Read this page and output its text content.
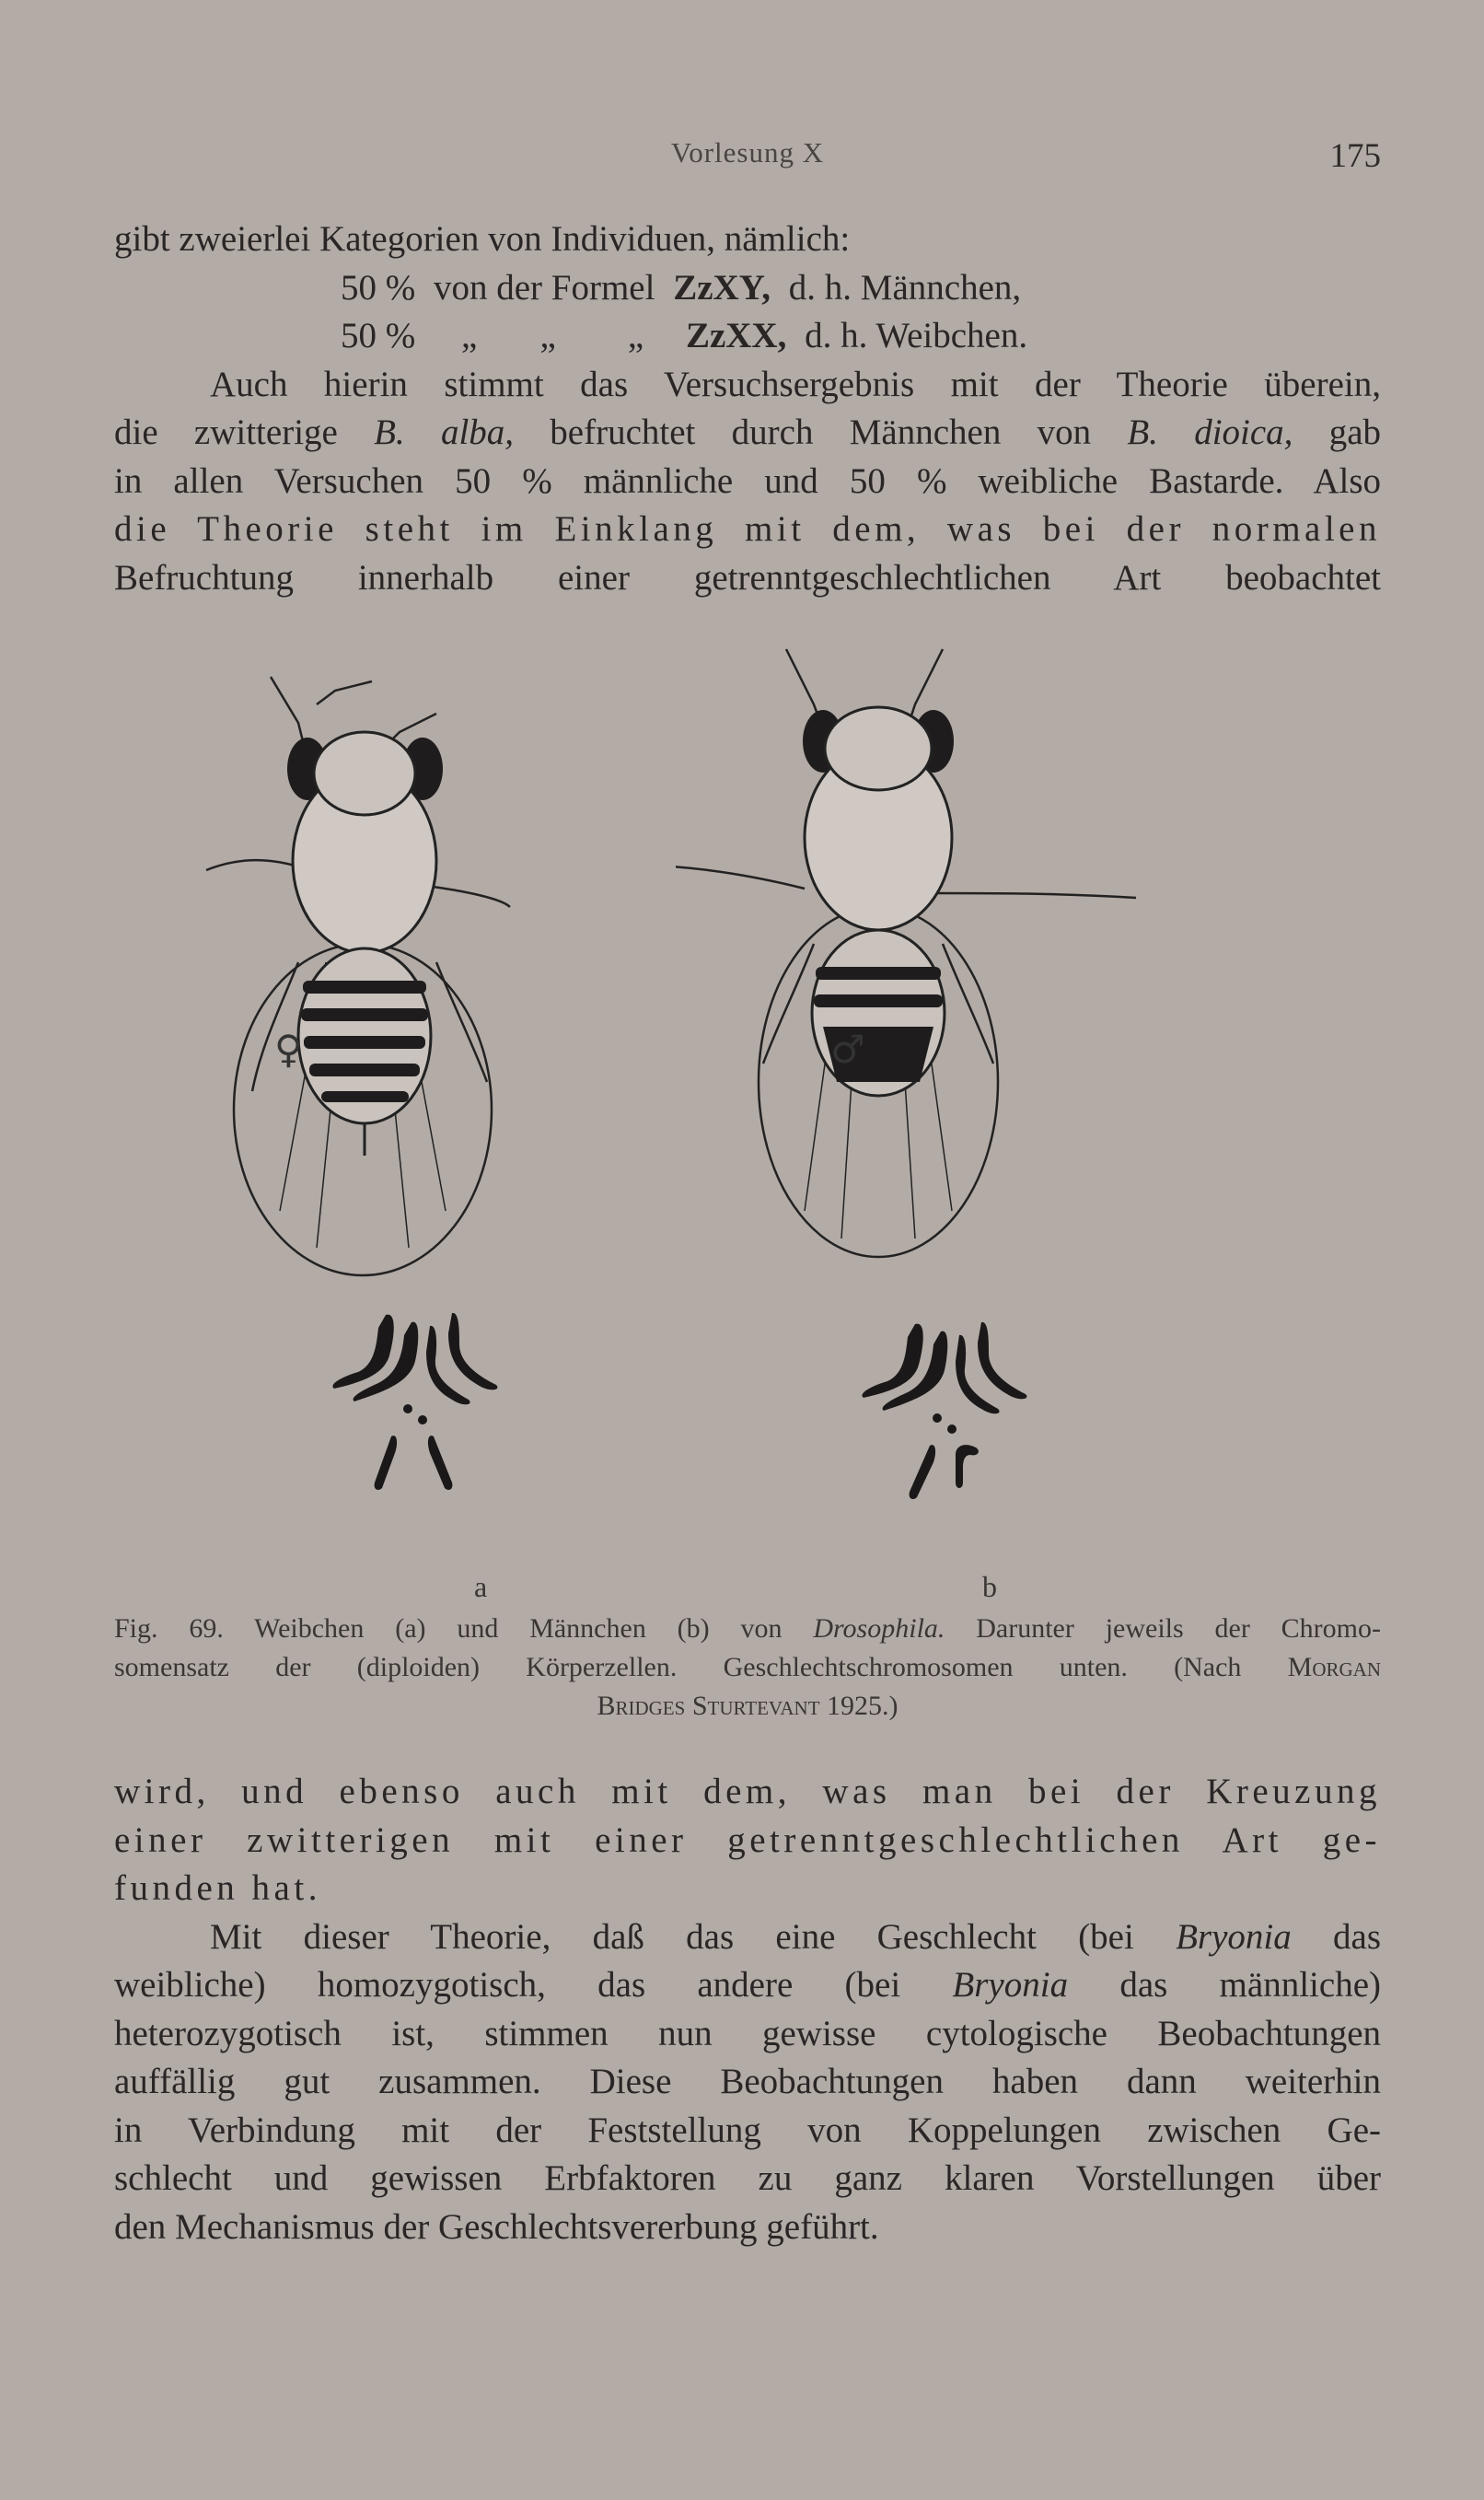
Vorlesung X	175
gibt zweierlei Kategorien von Individuen, nämlich:
50 % von der Formel ZzXY, d. h. Männchen,
50 % „       „        „ ZzXX, d. h. Weibchen.
Auch hierin stimmt das Versuchsergebnis mit der Theorie überein,
die zwitterige B. alba, befruchtet durch Männchen von B. dioica, gab
in allen Versuchen 50 % männliche und 50 % weibliche Bastarde. Also
die Theorie steht im Einklang mit dem, was bei der normalen
Befruchtung innerhalb einer getrenntgeschlechtlichen Art beobachtet
♀	♂
a	b
Fig. 69. Weibchen (a) und Männchen (b) von Drosophila. Darunter jeweils der Chromo-
somensatz der (diploiden) Körperzellen. Geschlechtschromosomen unten. (Nach Morgan
Bridges Sturtevant 1925.)
wird, und ebenso auch mit dem, was man bei der Kreuzung
einer zwitterigen mit einer getrenntgeschlechtlichen Art ge-
funden hat.
Mit dieser Theorie, daß das eine Geschlecht (bei Bryonia das
weibliche) homozygotisch, das andere (bei Bryonia das männliche)
heterozygotisch ist, stimmen nun gewisse cytologische Beobachtungen
auffällig gut zusammen. Diese Beobachtungen haben dann weiterhin
in Verbindung mit der Feststellung von Koppelungen zwischen Ge-
schlecht und gewissen Erbfaktoren zu ganz klaren Vorstellungen über
den Mechanismus der Geschlechtsvererbung geführt.
